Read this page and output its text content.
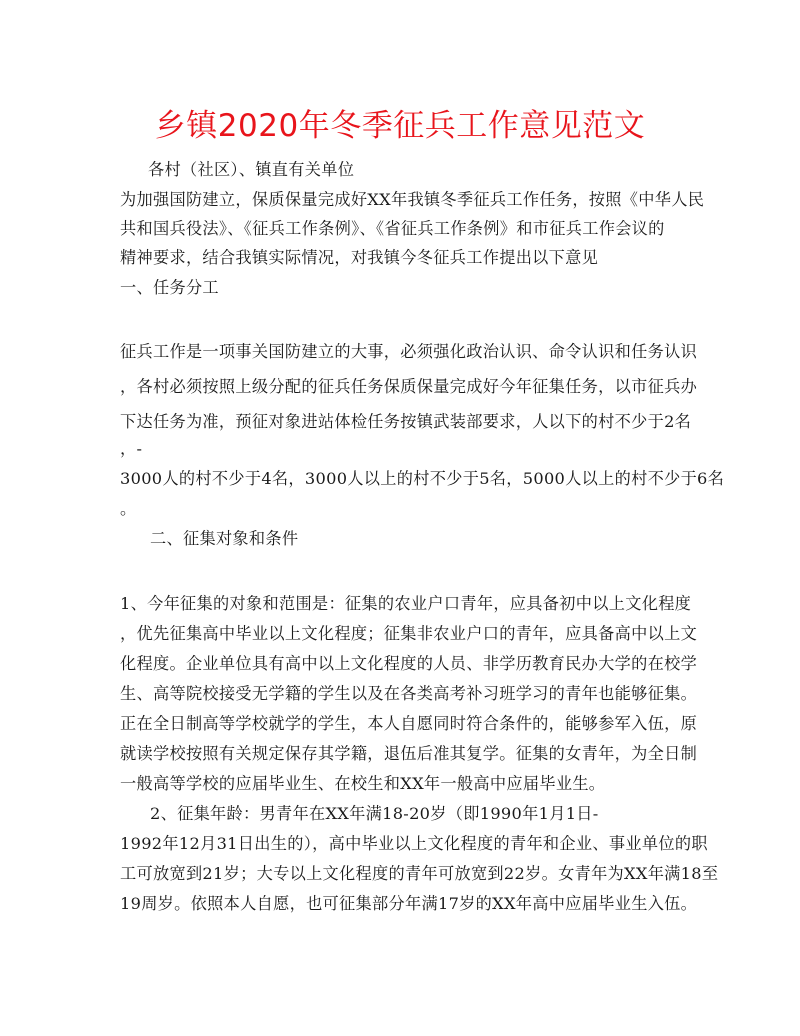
乡镇2020年冬季征兵工作意见范文
各村（社区）、镇直有关单位
为加强国防建立，保质保量完成好XX年我镇冬季征兵工作任务，按照《中华人民
共和国兵役法》、《征兵工作条例》、《省征兵工作条例》和市征兵工作会议的
精神要求，结合我镇实际情况，对我镇今冬征兵工作提出以下意见
一、任务分工
征兵工作是一项事关国防建立的大事，必须强化政治认识、命令认识和任务认识
，各村必须按照上级分配的征兵任务保质保量完成好今年征集任务，以市征兵办
下达任务为准，预征对象进站体检任务按镇武装部要求，人以下的村不少于2名
，-
3000人的村不少于4名，3000人以上的村不少于5名，5000人以上的村不少于6名
。
二、征集对象和条件
1、今年征集的对象和范围是：征集的农业户口青年，应具备初中以上文化程度
，优先征集高中毕业以上文化程度；征集非农业户口的青年，应具备高中以上文
化程度。企业单位具有高中以上文化程度的人员、非学历教育民办大学的在校学
生、高等院校接受无学籍的学生以及在各类高考补习班学习的青年也能够征集。
正在全日制高等学校就学的学生，本人自愿同时符合条件的，能够参军入伍，原
就读学校按照有关规定保存其学籍，退伍后准其复学。征集的女青年，为全日制
一般高等学校的应届毕业生、在校生和XX年一般高中应届毕业生。
2、征集年龄：男青年在XX年满18-20岁（即1990年1月1日-
1992年12月31日出生的），高中毕业以上文化程度的青年和企业、事业单位的职
工可放宽到21岁；大专以上文化程度的青年可放宽到22岁。女青年为XX年满18至
19周岁。依照本人自愿，也可征集部分年满17岁的XX年高中应届毕业生入伍。
